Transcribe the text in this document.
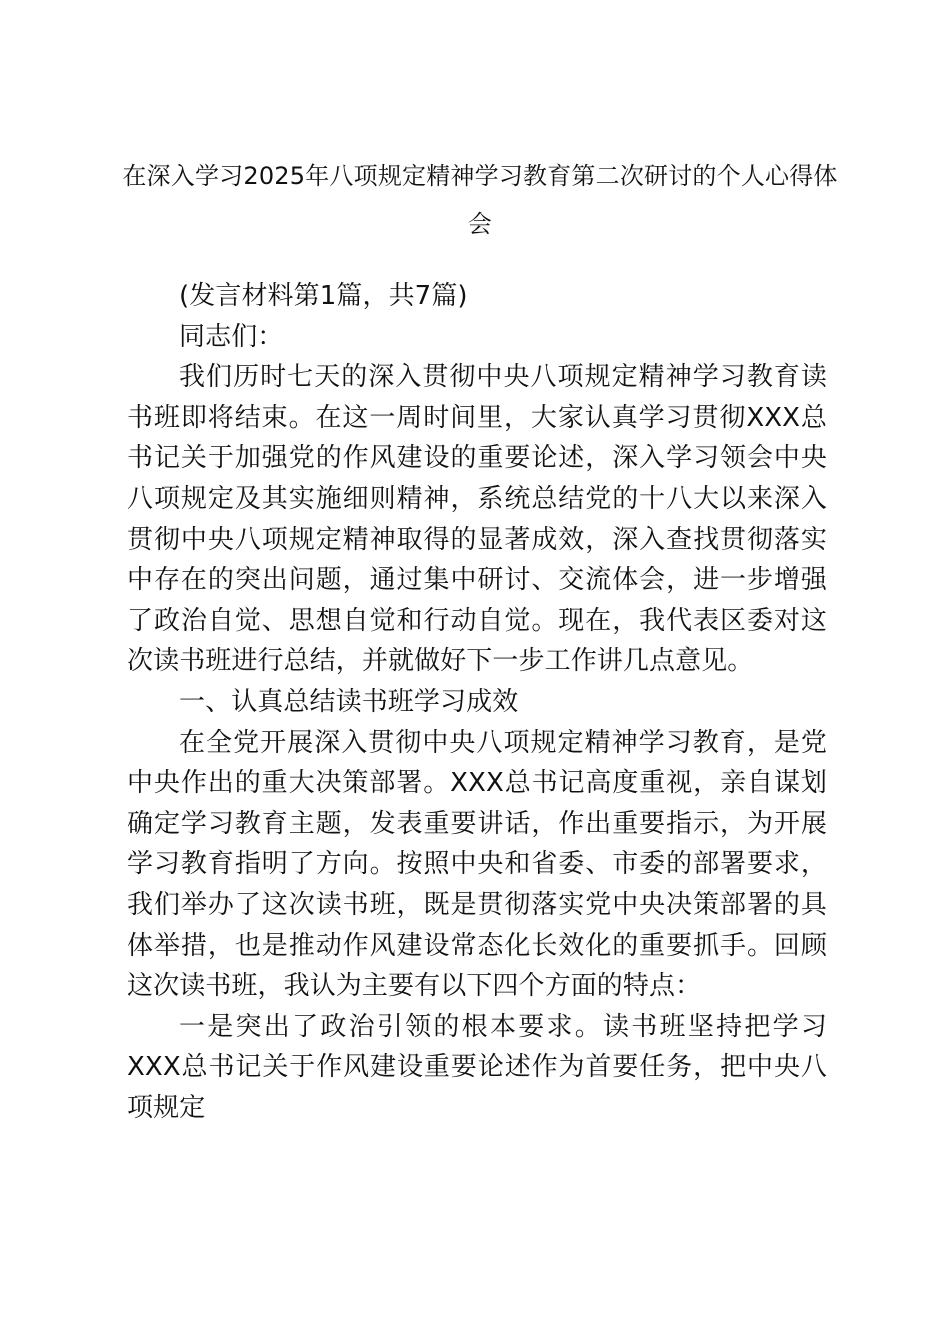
在深入学习2025年八项规定精神学习教育第二次研讨的个人心得体会

(发言材料第1篇，共7篇)

同志们：

我们历时七天的深入贯彻中央八项规定精神学习教育读书班即将结束。在这一周时间里，大家认真学习贯彻XXX总书记关于加强党的作风建设的重要论述，深入学习领会中央八项规定及其实施细则精神，系统总结党的十八大以来深入贯彻中央八项规定精神取得的显著成效，深入查找贯彻落实中存在的突出问题，通过集中研讨、交流体会，进一步增强了政治自觉、思想自觉和行动自觉。现在，我代表区委对这次读书班进行总结，并就做好下一步工作讲几点意见。

一、认真总结读书班学习成效

在全党开展深入贯彻中央八项规定精神学习教育，是党中央作出的重大决策部署。XXX总书记高度重视，亲自谋划确定学习教育主题，发表重要讲话，作出重要指示，为开展学习教育指明了方向。按照中央和省委、市委的部署要求，我们举办了这次读书班，既是贯彻落实党中央决策部署的具体举措，也是推动作风建设常态化长效化的重要抓手。回顾这次读书班，我认为主要有以下四个方面的特点：

一是突出了政治引领的根本要求。读书班坚持把学习XXX总书记关于作风建设重要论述作为首要任务，把中央八项规定
